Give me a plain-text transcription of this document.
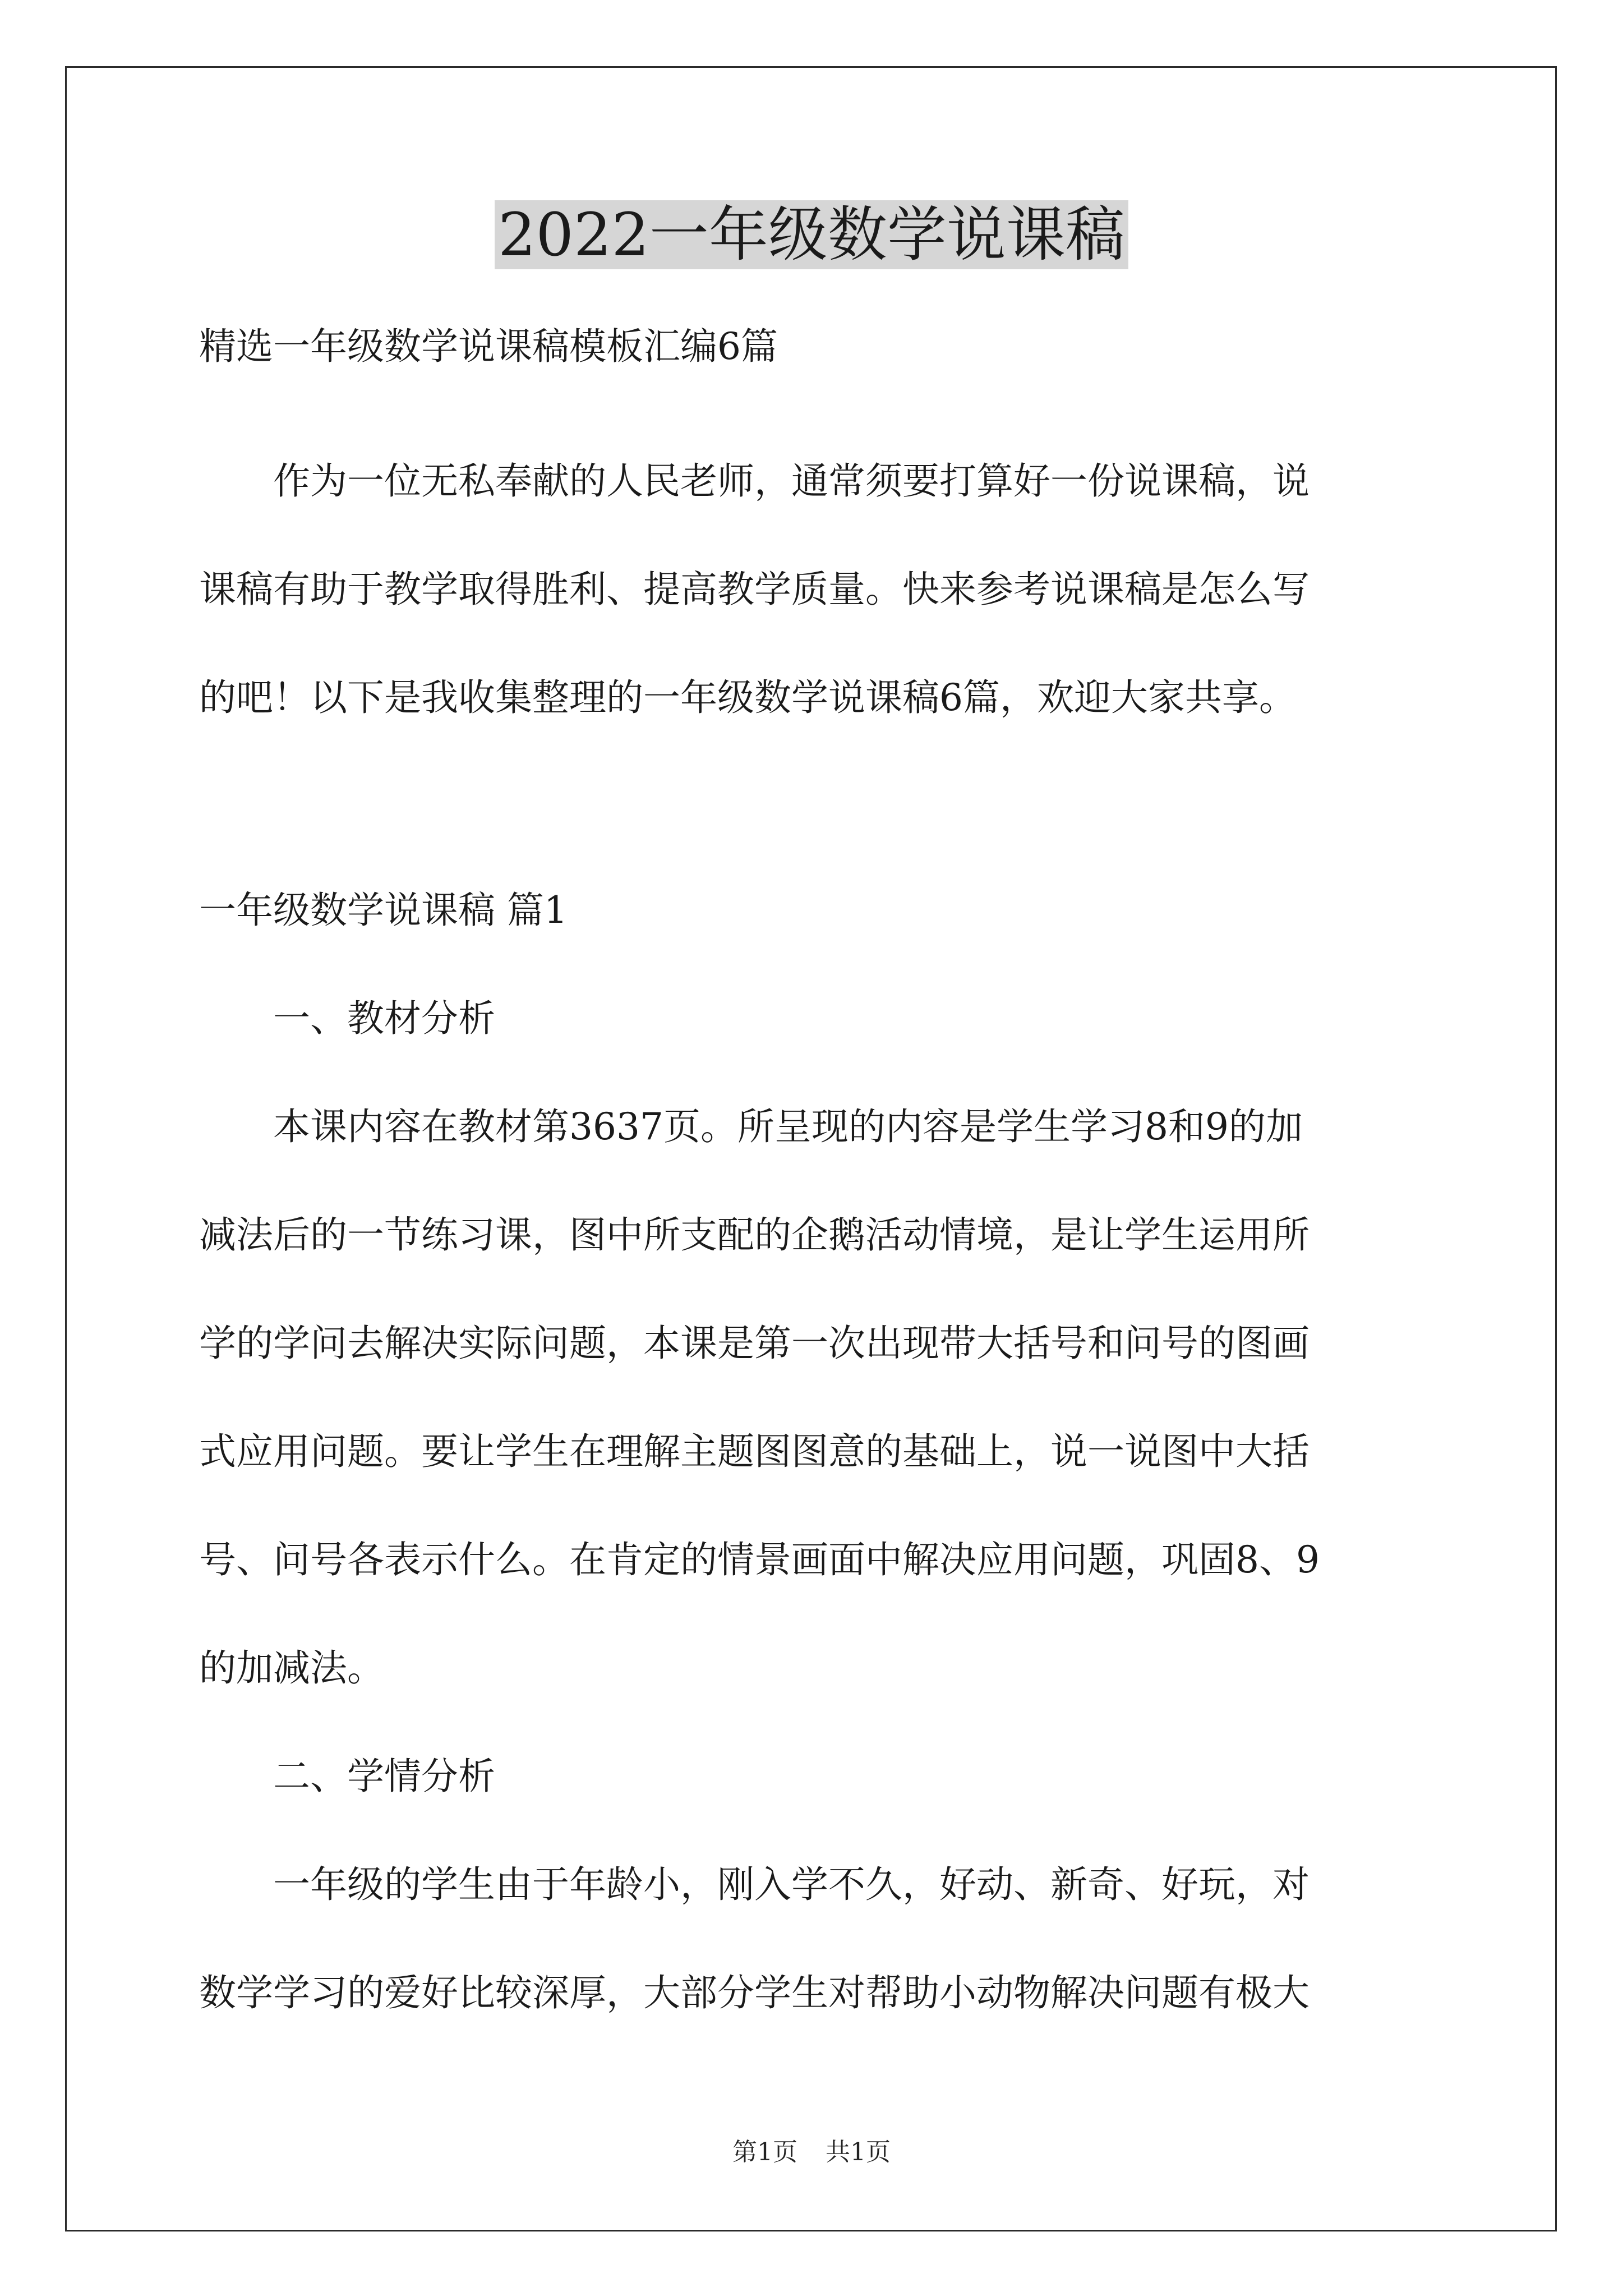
2022一年级数学说课稿

精选一年级数学说课稿模板汇编6篇

作为一位无私奉献的人民老师，通常须要打算好一份说课稿，说

课稿有助于教学取得胜利、提高教学质量。快来参考说课稿是怎么写

的吧！以下是我收集整理的一年级数学说课稿6篇，欢迎大家共享。

一年级数学说课稿 篇1

一、教材分析

本课内容在教材第3637页。所呈现的内容是学生学习8和9的加

减法后的一节练习课，图中所支配的企鹅活动情境，是让学生运用所

学的学问去解决实际问题，本课是第一次出现带大括号和问号的图画

式应用问题。要让学生在理解主题图图意的基础上，说一说图中大括

号、问号各表示什么。在肯定的情景画面中解决应用问题，巩固8、9

的加减法。

二、学情分析

一年级的学生由于年龄小，刚入学不久，好动、新奇、好玩，对

数学学习的爱好比较深厚，大部分学生对帮助小动物解决问题有极大

第1页 共1页
